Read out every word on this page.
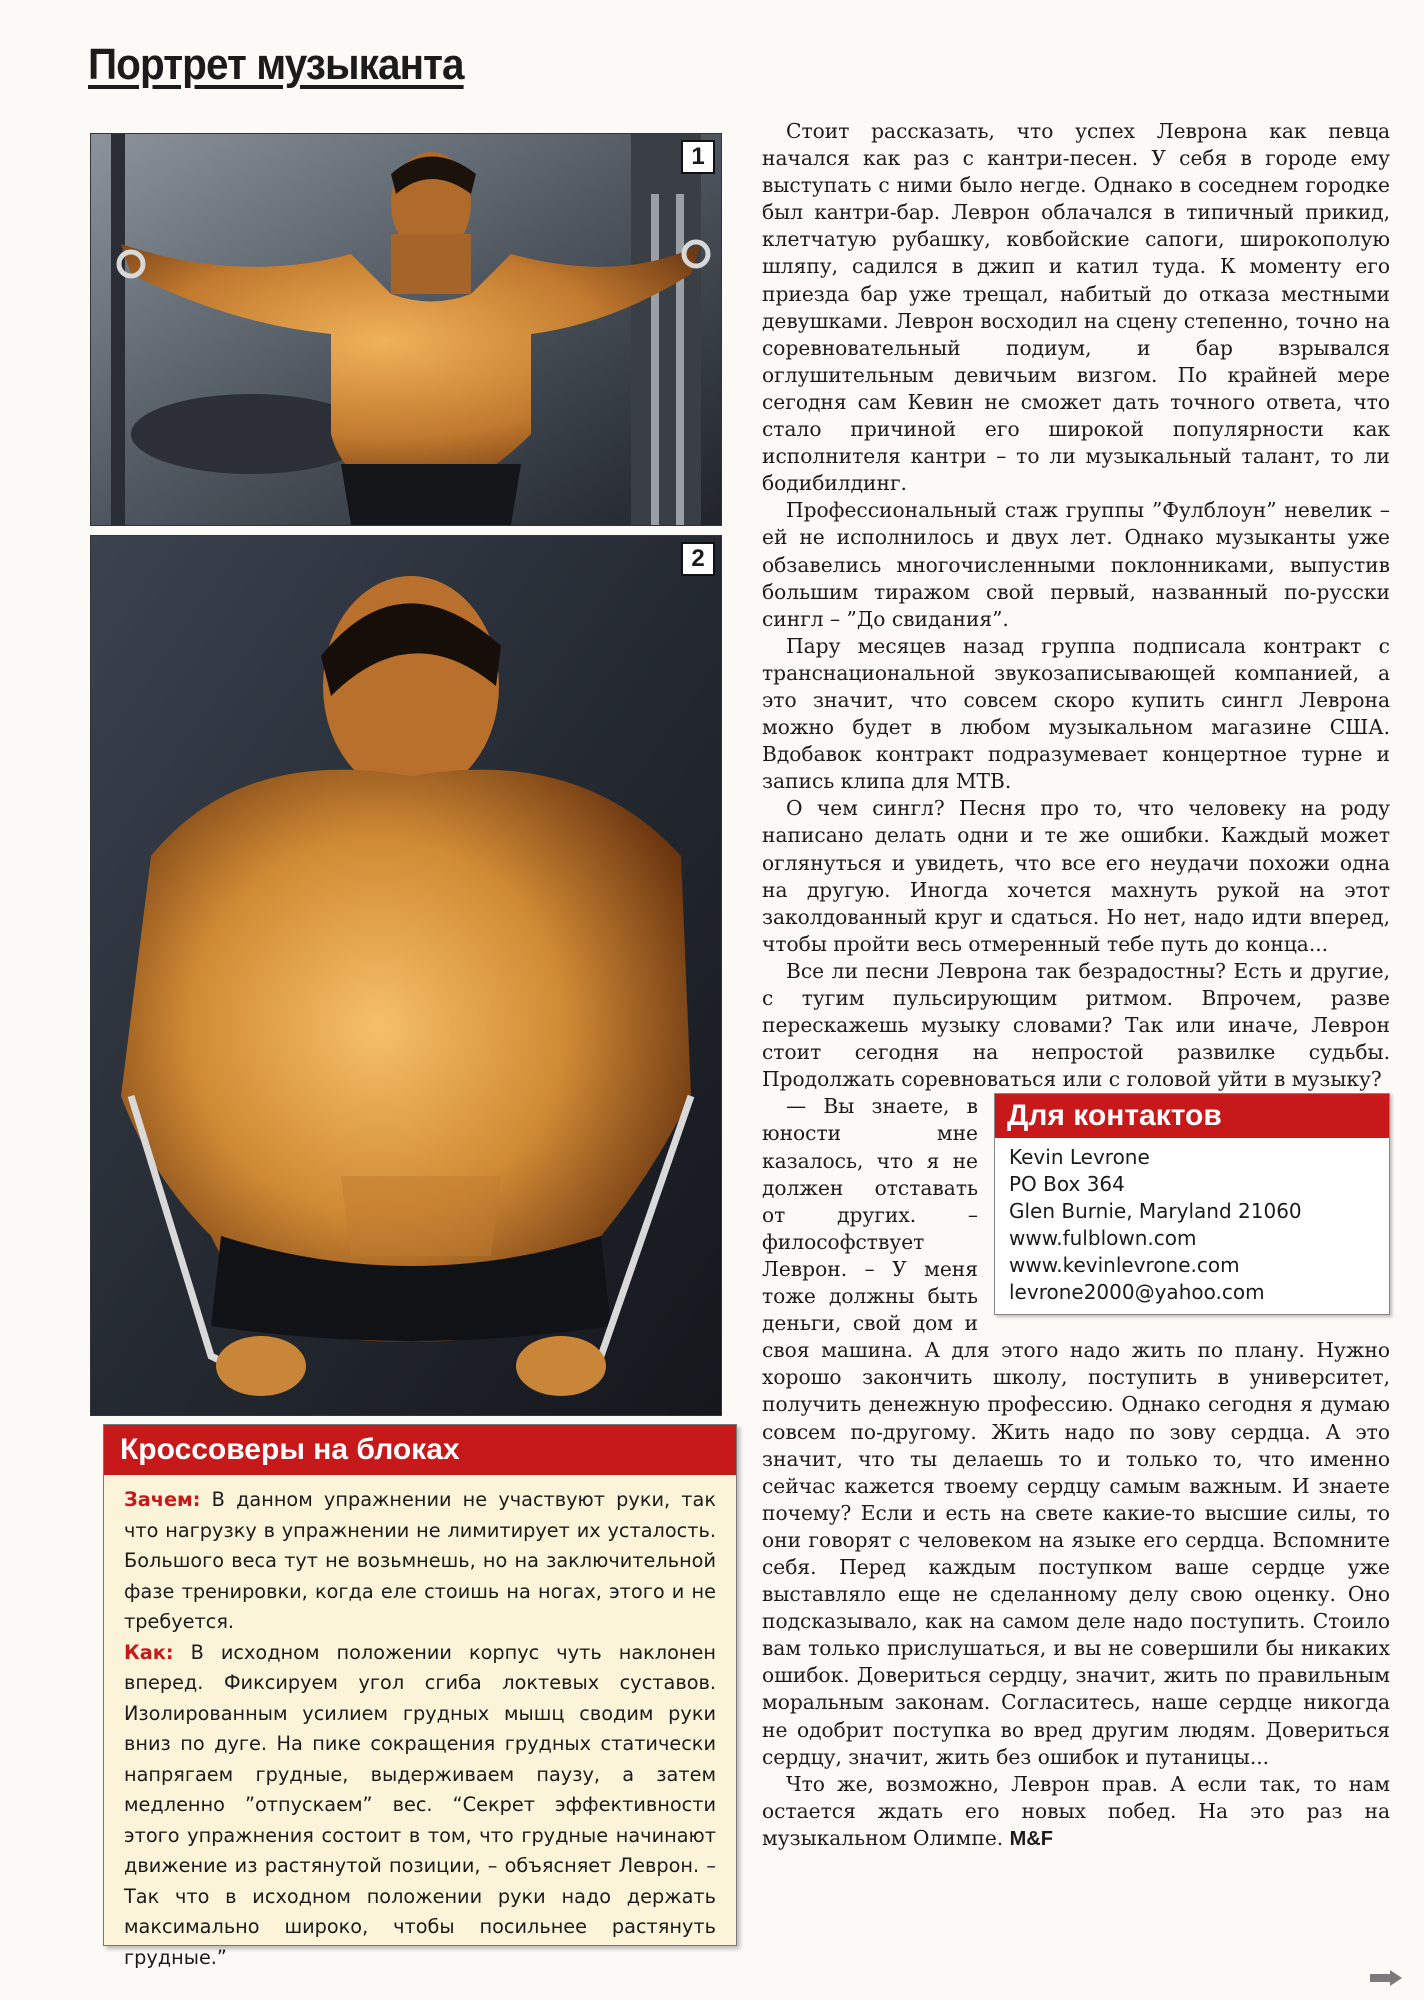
Портрет музыканта
1
2
Кроссоверы на блоках

Зачем: В данном упражнении не участвуют руки, так что нагрузку в упражнении не лимитирует их усталость. Большого веса тут не возьмнешь, но на заключительной фазе тренировки, когда еле стоишь на ногах, этого и не требуется.

Как: В исходном положении корпус чуть наклонен вперед. Фиксируем угол сгиба локтевых суставов. Изолированным усилием грудных мышц сводим руки вниз по дуге. На пике сокращения грудных статически напрягаем грудные, выдерживаем паузу, а затем медленно ”отпускаем” вес. “Секрет эффективности этого упражнения состоит в том, что грудные начинают движение из растянутой позиции, – объясняет Леврон. – Так что в исходном положении руки надо держать максимально широко, чтобы посильнее растянуть грудные.”

Стоит рассказать, что успех Леврона как певца начался как раз с кантри-песен. У себя в городе ему выступать с ними было негде. Однако в соседнем городке был кантри-бар. Леврон облачался в типичный прикид, клетчатую рубашку, ковбойские сапоги, широкополую шляпу, садился в джип и катил туда. К моменту его приезда бар уже трещал, набитый до отказа местными девушками. Леврон восходил на сцену степенно, точно на соревновательный подиум, и бар взрывался оглушительным девичьим визгом. По крайней мере сегодня сам Кевин не сможет дать точного ответа, что стало причиной его широкой популярности как исполнителя кантри – то ли музыкальный талант, то ли бодибилдинг.

Профессиональный стаж группы ”Фулблоун” невелик – ей не исполнилось и двух лет. Однако музыканты уже обзавелись многочисленными поклонниками, выпустив большим тиражом свой первый, названный по-русски сингл – ”До свидания”.

Пару месяцев назад группа подписала контракт с транснациональной звукозаписывающей компанией, а это значит, что совсем скоро купить сингл Леврона можно будет в любом музыкальном магазине США. Вдобавок контракт подразумевает концертное турне и запись клипа для МТВ.

О чем сингл? Песня про то, что человеку на роду написано делать одни и те же ошибки. Каждый может оглянуться и увидеть, что все его неудачи похожи одна на другую. Иногда хочется махнуть рукой на этот заколдованный круг и сдаться. Но нет, надо идти вперед, чтобы пройти весь отмеренный тебе путь до конца...

Все ли песни Леврона так безрадостны? Есть и другие, с тугим пульсирующим ритмом. Впрочем, разве перескажешь музыку словами? Так или иначе, Леврон стоит сегодня на непростой развилке судьбы. Продолжать соревноваться или с головой уйти в музыку?

Для контактов
Kevin Levrone
PO Box 364
Glen Burnie, Maryland 21060
www.fulblown.com
www.kevinlevrone.com
levrone2000@yahoo.com

— Вы знаете, в юности мне казалось, что я не должен отставать от других. – философствует Леврон. – У меня тоже должны быть деньги, свой дом и своя машина. А для этого надо жить по плану. Нужно хорошо закончить школу, поступить в университет, получить денежную профессию. Однако сегодня я думаю совсем по-другому. Жить надо по зову сердца. А это значит, что ты делаешь то и только то, что именно сейчас кажется твоему сердцу самым важным. И знаете почему? Если и есть на свете какие-то высшие силы, то они говорят с человеком на языке его сердца. Вспомните себя. Перед каждым поступком ваше сердце уже выставляло еще не сделанному делу свою оценку. Оно подсказывало, как на самом деле надо поступить. Стоило вам только прислушаться, и вы не совершили бы никаких ошибок. Довериться сердцу, значит, жить по правильным моральным законам. Согласитесь, наше сердце никогда не одобрит поступка во вред другим людям. Довериться сердцу, значит, жить без ошибок и путаницы...

Что же, возможно, Леврон прав. А если так, то нам остается ждать его новых побед. На это раз на музыкальном Олимпе. M&F
